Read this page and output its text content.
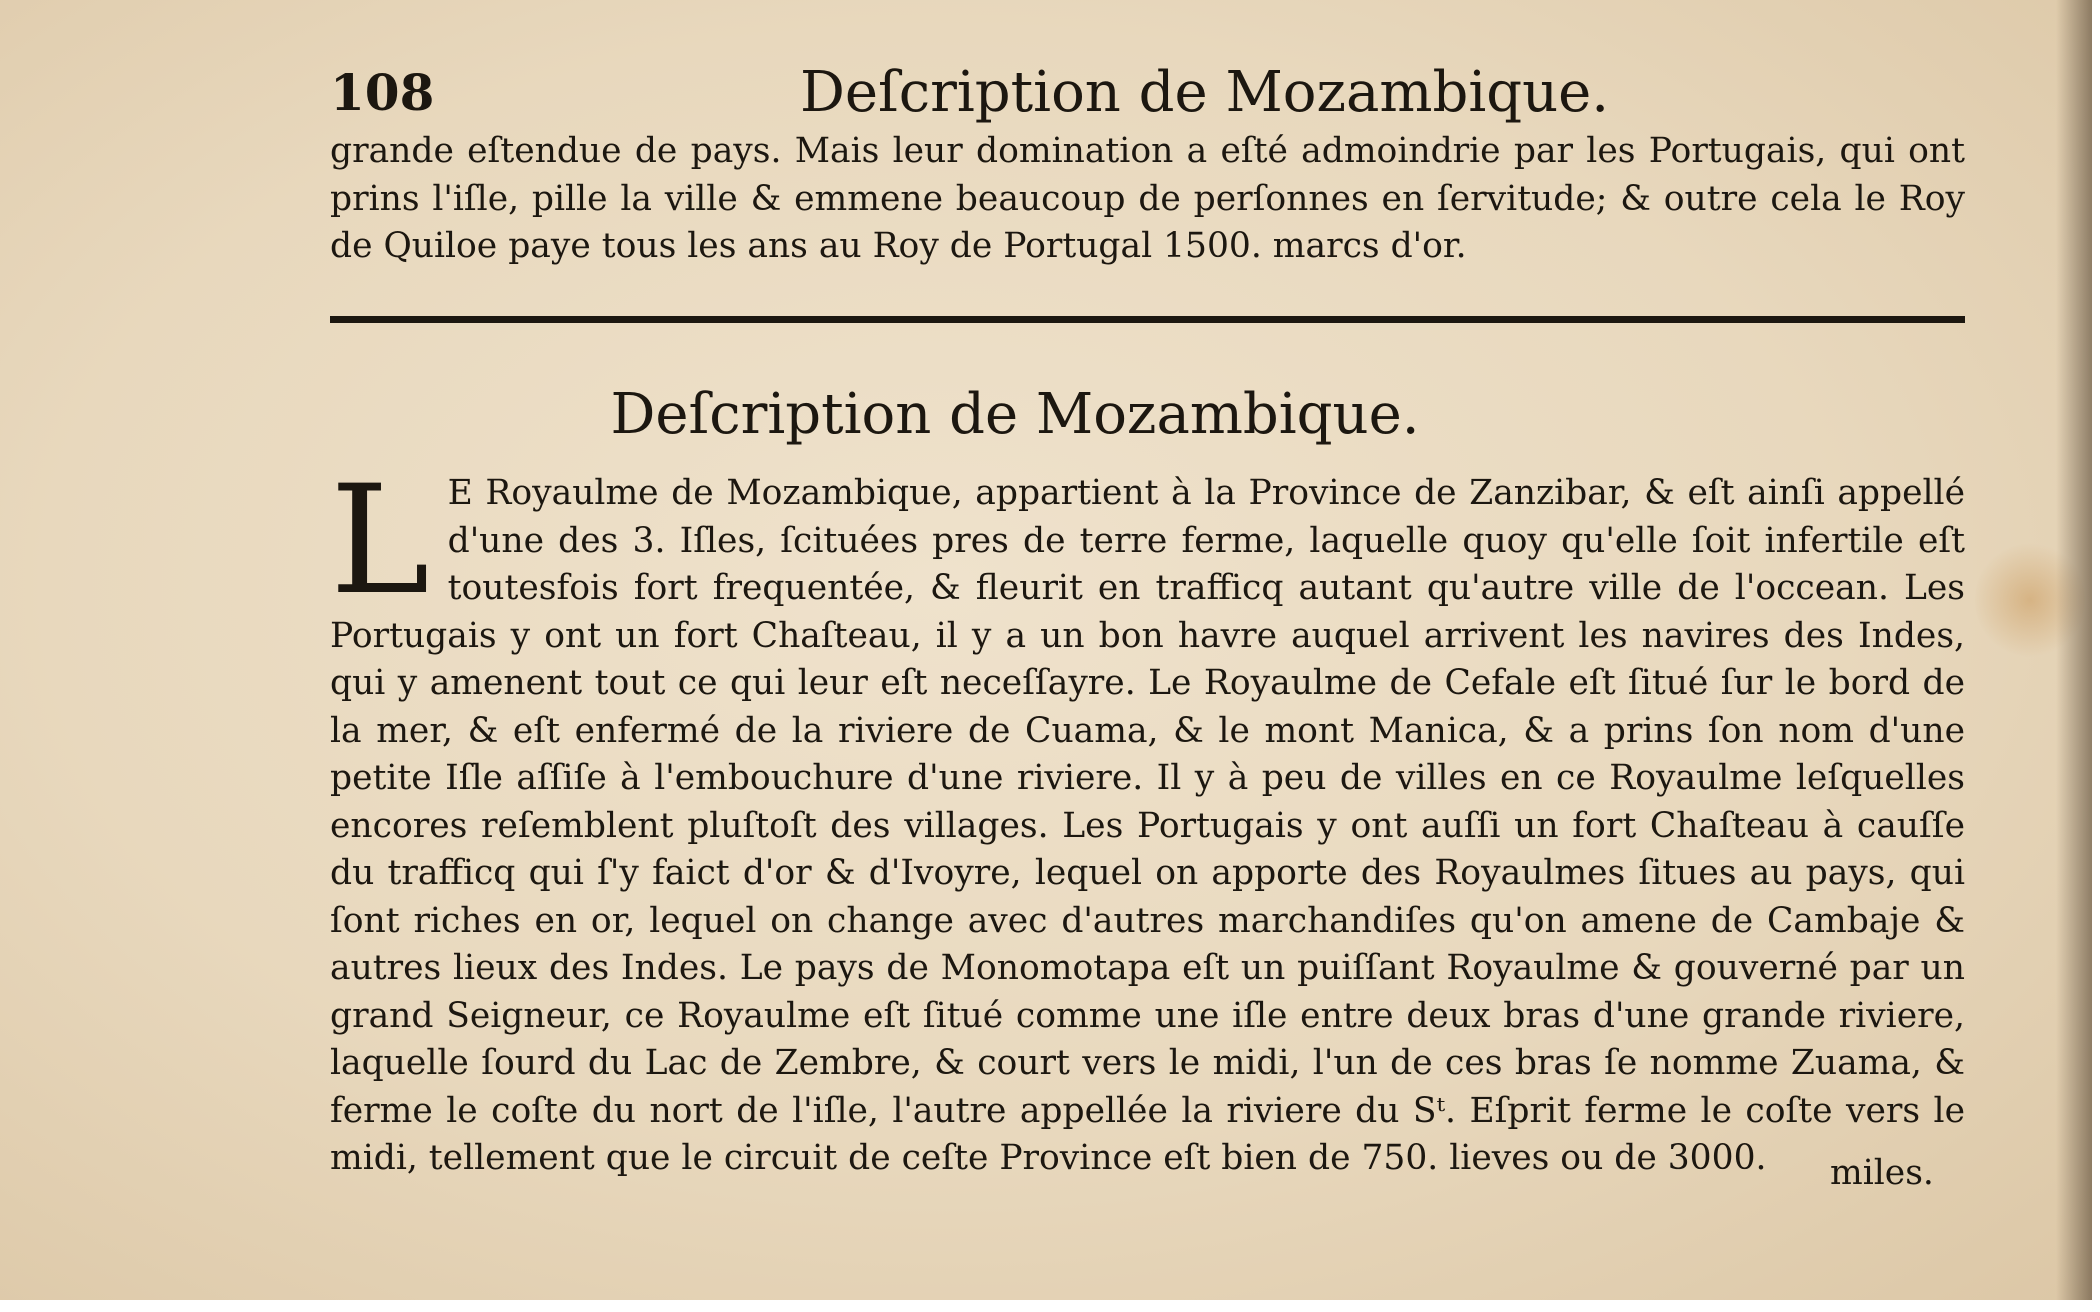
108	Deſcription de Mozambique.
grande eſtendue de pays. Mais leur domination a eſté admoindrie par les Portugais, qui ont prins l'iſle, pille la ville & emmene beaucoup de perſonnes en ſervitude; & outre cela le Roy de Quiloe paye tous les ans au Roy de Portugal 1500. marcs d'or.
Deſcription de Mozambique.
L E Royaulme de Mozambique, appartient à la Province de Zanzibar, & eſt ainſi appellé d'une des 3. Iſles, ſcituées pres de terre ferme, laquelle quoy qu'elle ſoit infertile eſt toutesfois fort frequentée, & fleurit en trafficq autant qu'autre ville de l'occean. Les Portugais y ont un fort Chaſteau, il y a un bon havre auquel arrivent les navires des Indes, qui y amenent tout ce qui leur eſt neceſſayre. Le Royaulme de Cefale eſt ſitué ſur le bord de la mer, & eſt enfermé de la riviere de Cuama, & le mont Manica, & a prins ſon nom d'une petite Iſle aſſiſe à l'embouchure d'une riviere. Il y à peu de villes en ce Royaulme leſquelles encores reſemblent pluſtoſt des villages. Les Portugais y ont auſſi un fort Chaſteau à cauſſe du trafficq qui ſ'y faict d'or & d'Ivoyre, lequel on apporte des Royaulmes ſitues au pays, qui ſont riches en or, lequel on change avec d'autres marchandiſes qu'on amene de Cambaje & autres lieux des Indes. Le pays de Monomotapa eſt un puiſſant Royaulme & gouverné par un grand Seigneur, ce Royaulme eſt ſitué comme une iſle entre deux bras d'une grande riviere, laquelle ſourd du Lac de Zembre, & court vers le midi, l'un de ces bras ſe nomme Zuama, & ferme le coſte du nort de l'iſle, l'autre appellée la riviere du Sᵗ. Eſprit ferme le coſte vers le midi, tellement que le circuit de ceſte Province eſt bien de 750. lieves ou de 3000.	miles.
